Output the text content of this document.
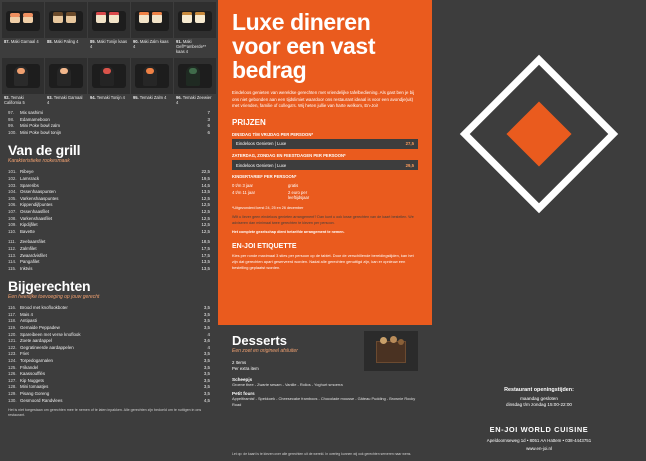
87. Maki Garnaal 4	88. Maki Paling 4	89. Maki Tonijn kaas 4
90. Maki Zalm kaas 4
91. Maki Gefl**amberde** kaas 4
92. Temaki California 5
93. Temaki Garnaal 4
94. Temaki Tonijn 4	95. Temaki Zalm 4	96. Temaki Zeewier 4
97.	Mix sashimi	7
98.	Edamameboon	3
99.	Mini Poke bowl zalm	6
100. Mini Poke bowl tonijn	6
Van de grill
Karakteristieke rookesmaak
101. Ribeye	22,5
102. Lamsrack	19,5
103. Spareribs	14,5
104. Ossenhaaspunten	13,5
105. Varkenshaaspuntes	12,5
106. Kippendijfpuntes	12,5
107. Ossenhaasfilet	12,5
108. Varkenshaasfilet	12,5
109. Kipdijfilet	12,5
110. Bavette	12,5
111. Zeebaarsfilet	18,5
112. Zalmfilet	17,5
113. Zwaardvisfilet	17,5
114. Pangafilet	13,5
115. Inktvis	13,5
Bijgerechten
Een heerlijke toevoeging op jouw gerecht
116. Brood met knoflookboter	3,5
117. Mais 4	3,5
118. Antipasti	3,5
119. Gemaide Peppadew	3,5
120. Spareibeen met verse knoflook	4
121. Zoete aardappel	3,6
122. Gegratineerde aardappelen	4
123. Friet	3,5
124. Torpedogarnalen	3,5
125. Frikandel	3,5
126. Kaassoufflés	3,5
127. Kip Nuggets	3,5
128. Mini tomaatjes	3,5
129. Pisang Goreng	3,5
130. Gesmoord Randvlees	4,5
Het is niet toegestaan om gerechten mee te nemen of te laten inpakken. Alle gerechten zijn bedoeld om te nuttigen in ons restaurant.
Luxe dineren voor een vast bedrag

Eindeloos genieten van wereldse gerechten met vriendelijke tafelbediening. Als gast ben je bij ons niet gebonden aan een tijdslimiet waardoor ons restaurant ideaal is voor een avondje(uit) met vrienden, familie of collega's. Wij heten jullie van harte welkom, En-Joi!

PRIJZEN
DINSDAG T/M VRIJDAG PER PERSOON*
Eindeloos Genieten | Luxe	27,5
ZATERDAG, ZONDAG EN FEESTDAGEN PER PERSOON*
Eindeloos Genieten | Luxe	29,5
KINDERTARIEF PER PERSOON*
0 t/m 3 jaar	gratis
4 t/m 11 jaar	2 euro per leeftijdsjaar
*Uitgezonderd kerst 24, 25 en 26 december
Wilt u liever geen eindeloos genieten arrangement? Dan kunt u ook losse gerechten van de kaart bestellen. We adviseren dan minimaal twee gerechten te kiezen per persoon.
Het complete gezelschap dient hetzelfde arrangement te nemen.
EN-JOI ETIQUETTE
Kies per ronde maximaal 3 sties per persoon op de tablet. Door de verschillende bereidingstijden, kan het zijn dat gerechten apart geserveerd worden. Nadat alle gerechten genuttigd zijn, kan er opnieuw een bestelling geplaatst worden.
Desserts
Een zoet en origineel afsluiter
2 Items
Per extra item
Scheepjs
Groene thee - Zwarte sesam - Vanille - Rolios - Yoghurt smoerra
Petit fours
Appeltiramisf - Spekkoek - Cheesecake framboos - Chocolade mousse - Gâteau Pudding - Brownie Rocky Road
Let op: de kaart is te kiezen over alle gerechten uit de wereld. In overleg kunnen wij ook gerechten serveren naar wens.
Restaurant openingstijden:
maandag gesloten
dinsdag t/m zondag 15:00-22:00
EN-JOI WORLD CUISINE
Apeldoornseweg 1d • 8051 AA Hattem • 038-4443751
www.en-joi.nl
